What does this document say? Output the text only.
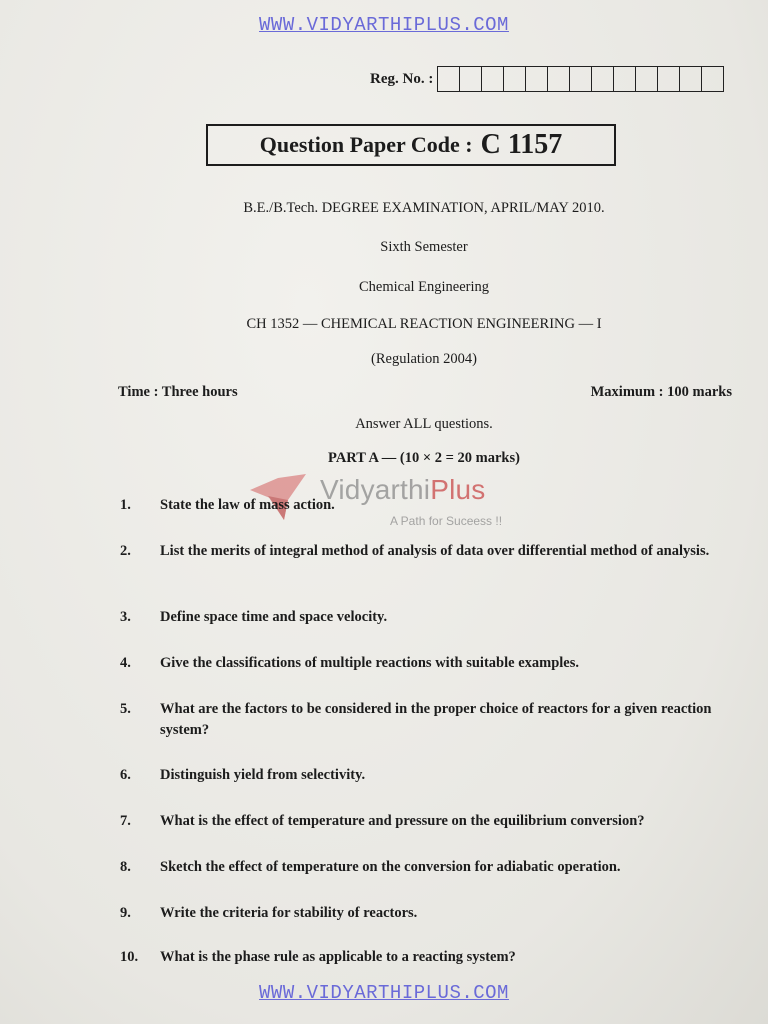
WWW.VIDYARTHIPLUS.COM
Reg. No. :
Question Paper Code : C 1157
B.E./B.Tech. DEGREE EXAMINATION, APRIL/MAY 2010.
Sixth Semester
Chemical Engineering
CH 1352 — CHEMICAL REACTION ENGINEERING — I
(Regulation 2004)
Time : Three hours	Maximum : 100 marks
Answer ALL questions.
PART A — (10 × 2 = 20 marks)
VidyarthiPlus
A Path for Suceess !!
1.	State the law of mass action.
2.	List the merits of integral method of analysis of data over differential method of analysis.
3.	Define space time and space velocity.
4.	Give the classifications of multiple reactions with suitable examples.
5.	What are the factors to be considered in the proper choice of reactors for a given reaction system?
6.	Distinguish yield from selectivity.
7.	What is the effect of temperature and pressure on the equilibrium conversion?
8.	Sketch the effect of temperature on the conversion for adiabatic operation.
9.	Write the criteria for stability of reactors.
10.	What is the phase rule as applicable to a reacting system?
WWW.VIDYARTHIPLUS.COM
